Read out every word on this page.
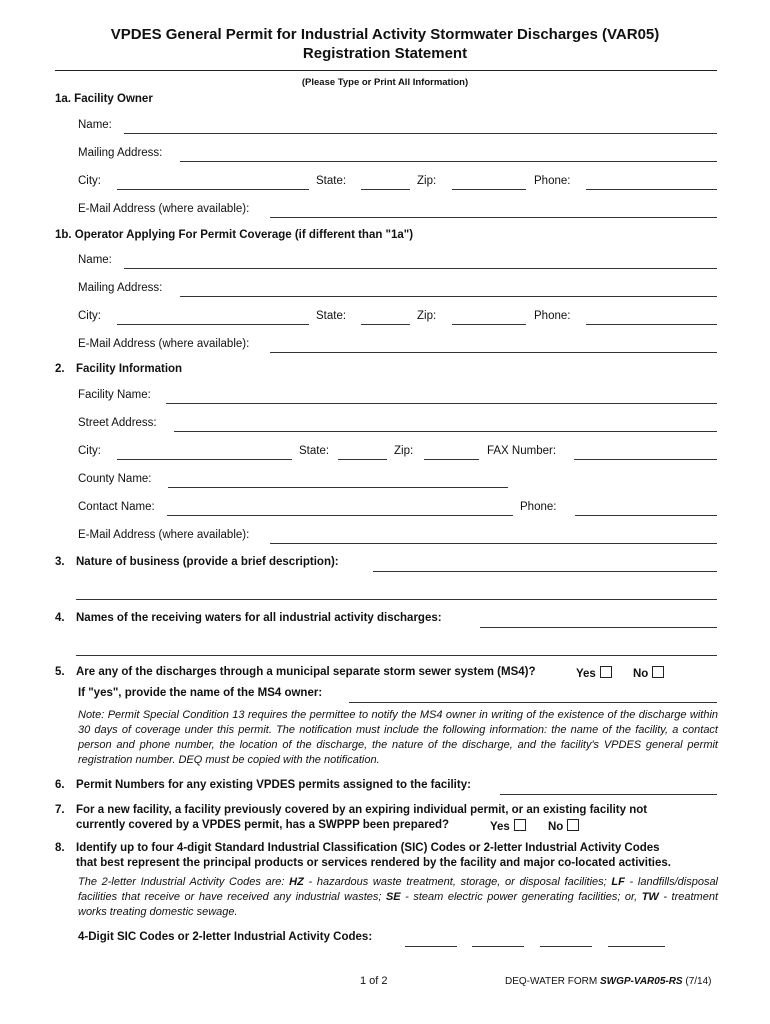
VPDES General Permit for Industrial Activity Stormwater Discharges (VAR05)
Registration Statement
(Please Type or Print All Information)
1a. Facility Owner
Name:
Mailing Address:
City:	State:	Zip:	Phone:
E-Mail Address (where available):
1b. Operator Applying For Permit Coverage (if different than "1a")
Name:
Mailing Address:
City:	State:	Zip:	Phone:
E-Mail Address (where available):
2. Facility Information
Facility Name:
Street Address:
City:	State:	Zip:	FAX Number:
County Name:
Contact Name:	Phone:
E-Mail Address (where available):
3. Nature of business (provide a brief description):
4. Names of the receiving waters for all industrial activity discharges:
5. Are any of the discharges through a municipal separate storm sewer system (MS4)?	Yes	No
If "yes", provide the name of the MS4 owner:
Note: Permit Special Condition 13 requires the permittee to notify the MS4 owner in writing of the existence of the discharge within 30 days of coverage under this permit. The notification must include the following information: the name of the facility, a contact person and phone number, the location of the discharge, the nature of the discharge, and the facility's VPDES general permit registration number. DEQ must be copied with the notification.
6. Permit Numbers for any existing VPDES permits assigned to the facility:
7. For a new facility, a facility previously covered by an expiring individual permit, or an existing facility not
currently covered by a VPDES permit, has a SWPPP been prepared?	Yes	No
8. Identify up to four 4-digit Standard Industrial Classification (SIC) Codes or 2-letter Industrial Activity Codes
that best represent the principal products or services rendered by the facility and major co-located activities.
The 2-letter Industrial Activity Codes are: HZ - hazardous waste treatment, storage, or disposal facilities; LF - landfills/disposal facilities that receive or have received any industrial wastes; SE - steam electric power generating facilities; or, TW - treatment works treating domestic sewage.
4-Digit SIC Codes or 2-letter Industrial Activity Codes:
1 of 2	DEQ-WATER FORM SWGP-VAR05-RS (7/14)
